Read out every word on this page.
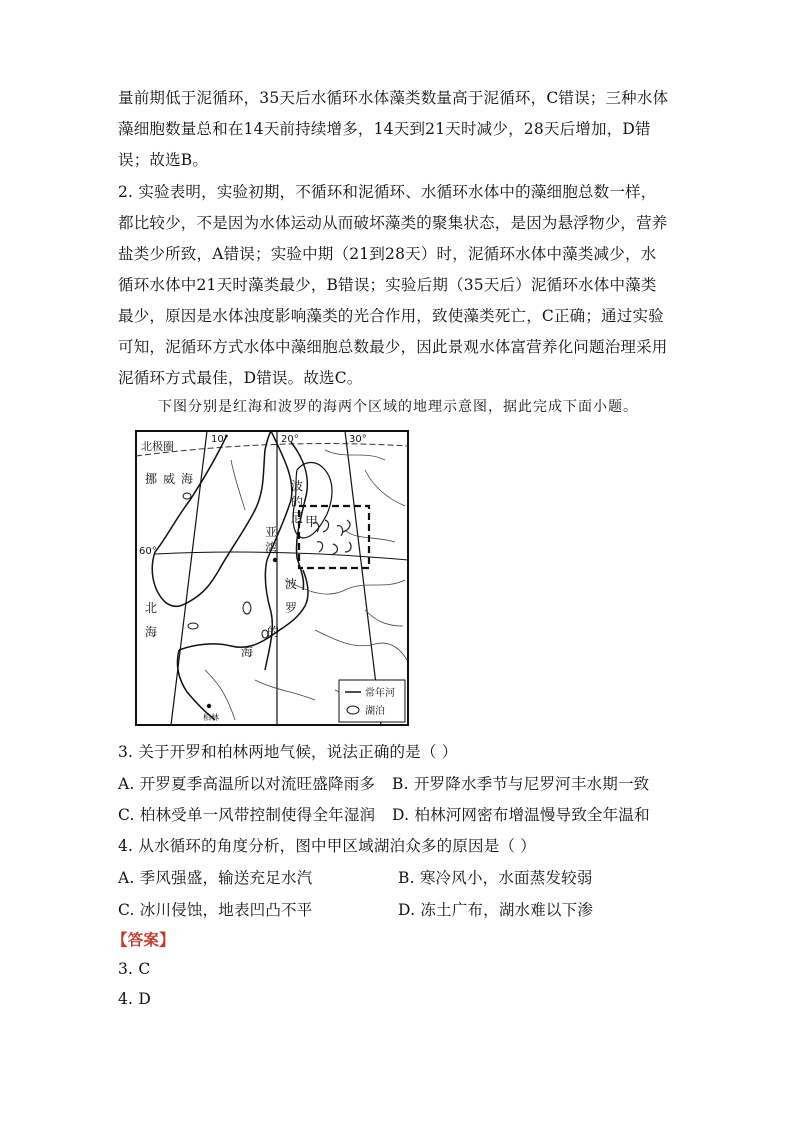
量前期低于泥循环，35天后水循环水体藻类数量高于泥循环，C错误；三种水体
藻细胞数量总和在14天前持续增多，14天到21天时减少，28天后增加，D错
误；故选B。
2. 实验表明，实验初期，不循环和泥循环、水循环水体中的藻细胞总数一样，
都比较少，不是因为水体运动从而破坏藻类的聚集状态，是因为悬浮物少，营养
盐类少所致，A错误；实验中期（21到28天）时，泥循环水体中藻类减少，水
循环水体中21天时藻类最少，B错误；实验后期（35天后）泥循环水体中藻类
最少，原因是水体浊度影响藻类的光合作用，致使藻类死亡，C正确；通过实验
可知，泥循环方式水体中藻细胞总数最少，因此景观水体富营养化问题治理采用
泥循环方式最佳，D错误。故选C。
下图分别是红海和波罗的海两个区域的地理示意图，据此完成下面小题。
北极圈
挪威海
10°	20°	30°
60°
波
的
尼 甲
亚
湾
波
罗
的
海
北
海
柏林
常年河
湖泊
3. 关于开罗和柏林两地气候，说法正确的是（ ）
A. 开罗夏季高温所以对流旺盛降雨多 B. 开罗降水季节与尼罗河丰水期一致
C. 柏林受单一风带控制使得全年湿润 D. 柏林河网密布增温慢导致全年温和
4. 从水循环的角度分析，图中甲区域湖泊众多的原因是（ ）
A. 季风强盛，输送充足水汽	B. 寒冷风小，水面蒸发较弱
C. 冰川侵蚀，地表凹凸不平	D. 冻土广布，湖水难以下渗
【答案】
3. C
4. D
